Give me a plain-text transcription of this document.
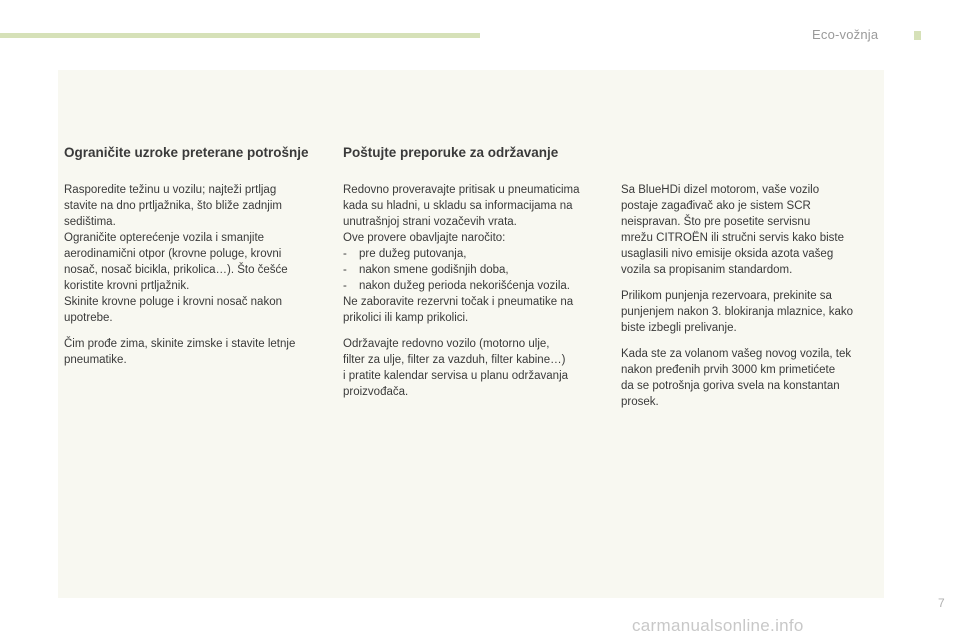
Eco-vožnja
Ograničite uzroke preterane potrošnje
Rasporedite težinu u vozilu; najteži prtljag
stavite na dno prtljažnika, što bliže zadnjim
sedištima.
Ograničite opterećenje vozila i smanjite
aerodinamični otpor (krovne poluge, krovni
nosač, nosač bicikla, prikolica…). Što češće
koristite krovni prtljažnik.
Skinite krovne poluge i krovni nosač nakon
upotrebe.
Čim prođe zima, skinite zimske i stavite letnje
pneumatike.
Poštujte preporuke za održavanje
Redovno proveravajte pritisak u pneumaticima
kada su hladni, u skladu sa informacijama na
unutrašnjoj strani vozačevih vrata.
Ove provere obavljajte naročito:
- pre dužeg putovanja,
- nakon smene godišnjih doba,
- nakon dužeg perioda nekorišćenja vozila.
Ne zaboravite rezervni točak i pneumatike na
prikolici ili kamp prikolici.
Održavajte redovno vozilo (motorno ulje,
filter za ulje, filter za vazduh, filter kabine…)
i pratite kalendar servisa u planu održavanja
proizvođača.
Sa BlueHDi dizel motorom, vaše vozilo
postaje zagađivač ako je sistem SCR
neispravan. Što pre posetite servisnu
mrežu CITROËN ili stručni servis kako biste
usaglasili nivo emisije oksida azota vašeg
vozila sa propisanim standardom.
Prilikom punjenja rezervoara, prekinite sa
punjenjem nakon 3. blokiranja mlaznice, kako
biste izbegli prelivanje.
Kada ste za volanom vašeg novog vozila, tek
nakon pređenih prvih 3000 km primetićete
da se potrošnja goriva svela na konstantan
prosek.
7
carmanualsonline.info
